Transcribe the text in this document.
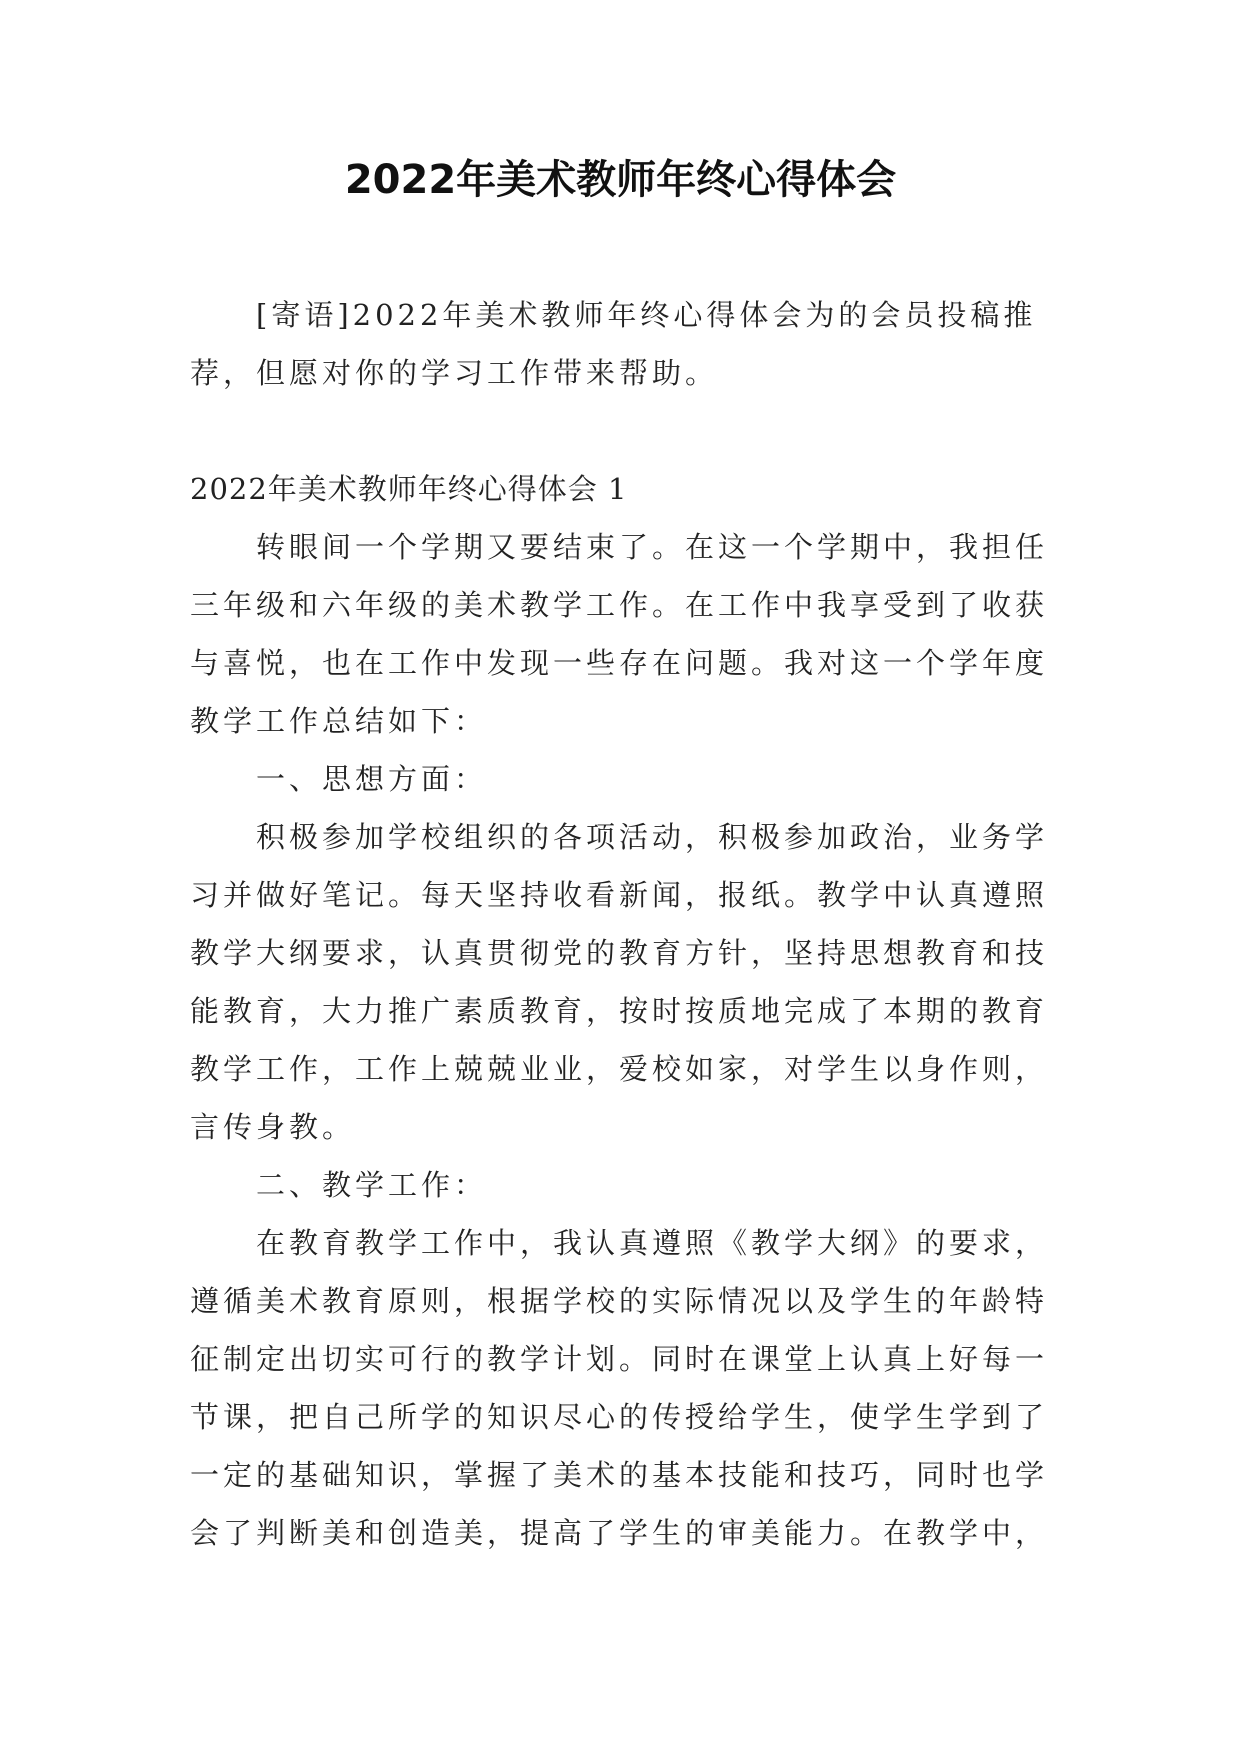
2022年美术教师年终心得体会

[寄语]2022年美术教师年终心得体会为的会员投稿推荐，但愿对你的学习工作带来帮助。

2022年美术教师年终心得体会 1

转眼间一个学期又要结束了。在这一个学期中，我担任三年级和六年级的美术教学工作。在工作中我享受到了收获与喜悦，也在工作中发现一些存在问题。我对这一个学年度教学工作总结如下：

一、思想方面：

积极参加学校组织的各项活动，积极参加政治，业务学习并做好笔记。每天坚持收看新闻，报纸。教学中认真遵照教学大纲要求，认真贯彻党的教育方针，坚持思想教育和技能教育，大力推广素质教育，按时按质地完成了本期的教育教学工作，工作上兢兢业业，爱校如家，对学生以身作则，言传身教。

二、教学工作：

在教育教学工作中，我认真遵照《教学大纲》的要求，遵循美术教育原则，根据学校的实际情况以及学生的年龄特征制定出切实可行的教学计划。同时在课堂上认真上好每一节课，把自己所学的知识尽心的传授给学生，使学生学到了一定的基础知识，掌握了美术的基本技能和技巧，同时也学会了判断美和创造美，提高了学生的审美能力。在教学中，
